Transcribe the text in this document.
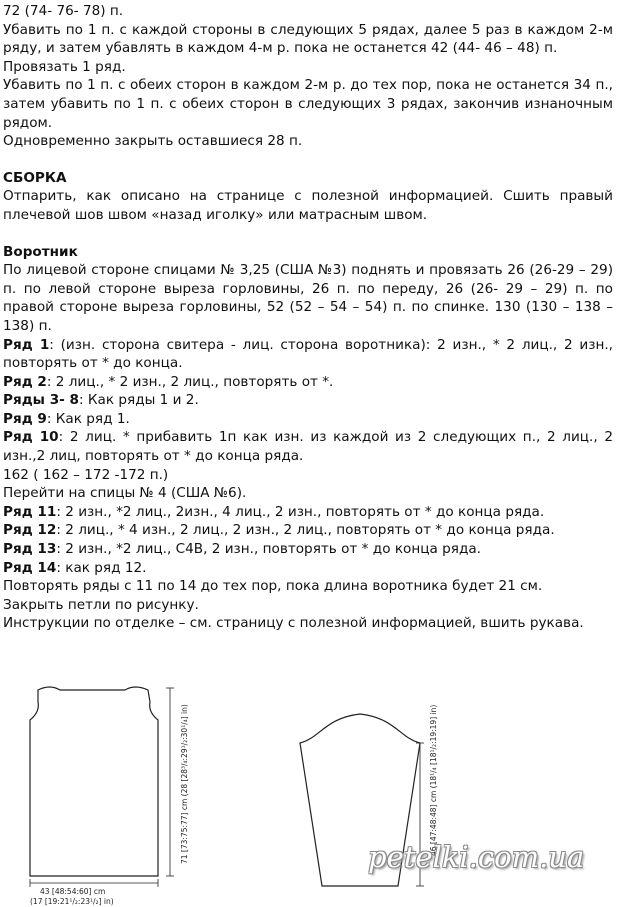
72 (74- 76- 78) п.

Убавить по 1 п. с каждой стороны в следующих 5 рядах, далее 5 раз в каждом 2-м ряду, и затем убавлять в каждом 4-м р. пока не останется 42 (44- 46 – 48) п.

Провязать 1 ряд.

Убавить по 1 п. с обеих сторон в каждом 2-м р. до тех пор, пока не останется 34 п., затем убавить по 1 п. с обеих сторон в следующих 3 рядах, закончив изнаночным рядом.

Одновременно закрыть оставшиеся 28 п.

СБОРКА

Отпарить, как описано на странице с полезной информацией. Сшить правый плечевой шов швом «назад иголку» или матрасным швом.

Воротник

По лицевой стороне спицами № 3,25 (США №3) поднять и провязать 26 (26-29 – 29) п. по левой стороне выреза горловины, 26 п. по переду, 26 (26- 29 – 29) п. по правой стороне выреза горловины, 52 (52 – 54 – 54) п. по спинке. 130 (130 – 138 – 138) п.

Ряд 1: (изн. сторона свитера - лиц. сторона воротника): 2 изн., * 2 лиц., 2 изн., повторять от * до конца.

Ряд 2: 2 лиц., * 2 изн., 2 лиц., повторять от *.

Ряды 3- 8: Как ряды 1 и 2.

Ряд 9: Как ряд 1.

Ряд 10: 2 лиц. * прибавить 1п как изн. из каждой из 2 следующих п., 2 лиц., 2 изн.,2 лиц, повторять от * до конца ряда.

162 ( 162 – 172 -172 п.)

Перейти на спицы № 4 (США №6).

Ряд 11: 2 изн., *2 лиц., 2изн., 4 лиц., 2 изн., повторять от * до конца ряда.

Ряд 12: 2 лиц., * 4 изн., 2 лиц., 2 изн., 2 лиц., повторять от * до конца ряда.

Ряд 13: 2 изн., *2 лиц., C4B, 2 изн., повторять от * до конца ряда.

Ряд 14: как ряд 12.

Повторять ряды с 11 по 14 до тех пор, пока длина воротника будет 21 см.

Закрыть петли по рисунку.

Инструкции по отделке – см. страницу с полезной информацией, вшить рукава.

71 [73:75:77] cm (28 [28³/₄:29¹/₂:30¹/₄] in)
43 [48:54:60] cm
(17 [19:21¹/₂:23¹/₂] in)
46 [47:48:48] cm (18¹/₄ [18¹/₂:19:19] in)
petelki.com.ua
